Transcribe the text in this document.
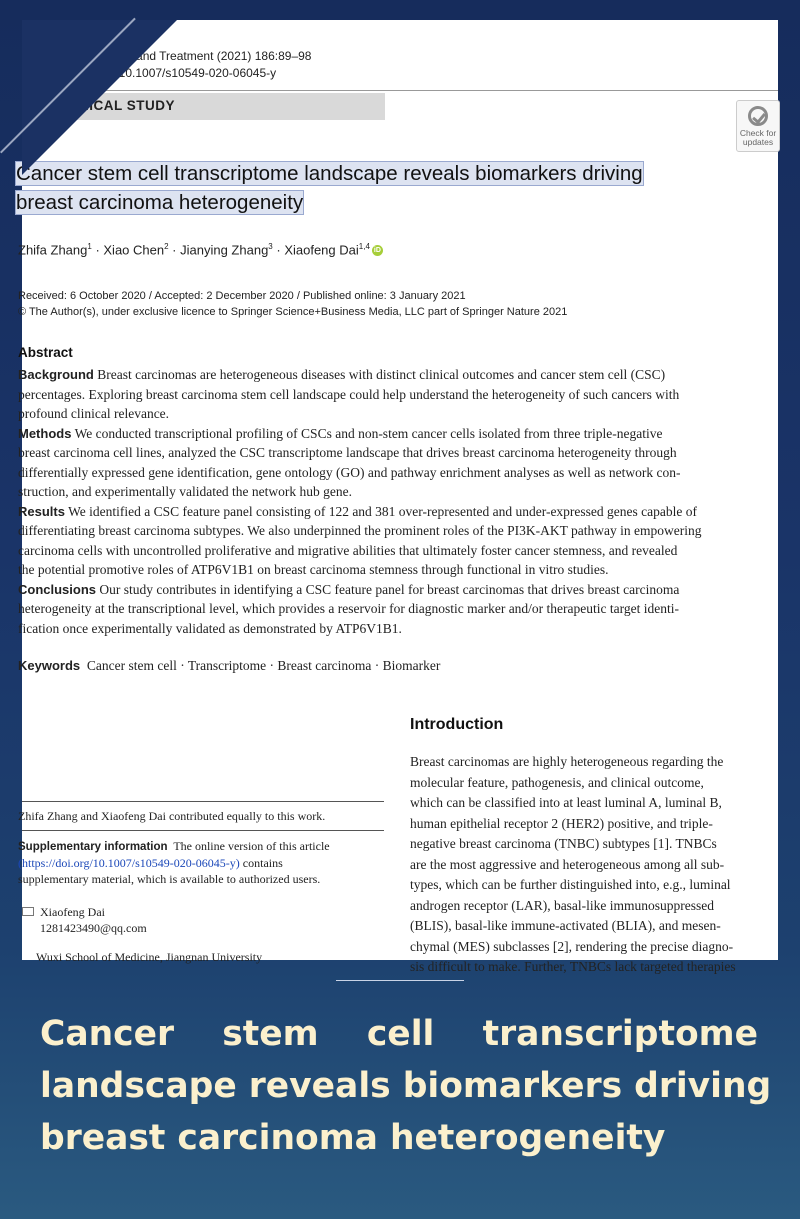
esearch and Treatment (2021) 186:89–98
org/10.1007/s10549-020-06045-y
RECLINICAL STUDY
Check for
updates
Cancer stem cell transcriptome landscape reveals biomarkers driving
breast carcinoma heterogeneity
Zhifa Zhang$^1$ · Xiao Chen$^2$ · Jianying Zhang$^3$ · Xiaofeng Dai$^{1,4}$ iD
Received: 6 October 2020 / Accepted: 2 December 2020 / Published online: 3 January 2021
© The Author(s), under exclusive licence to Springer Science+Business Media, LLC part of Springer Nature 2021
Abstract

Background Breast carcinomas are heterogeneous diseases with distinct clinical outcomes and cancer stem cell (CSC)

percentages. Exploring breast carcinoma stem cell landscape could help understand the heterogeneity of such cancers with

profound clinical relevance.

Methods We conducted transcriptional profiling of CSCs and non-stem cancer cells isolated from three triple-negative

breast carcinoma cell lines, analyzed the CSC transcriptome landscape that drives breast carcinoma heterogeneity through

differentially expressed gene identification, gene ontology (GO) and pathway enrichment analyses as well as network con-

struction, and experimentally validated the network hub gene.

Results We identified a CSC feature panel consisting of 122 and 381 over-represented and under-expressed genes capable of

differentiating breast carcinoma subtypes. We also underpinned the prominent roles of the PI3K-AKT pathway in empowering

carcinoma cells with uncontrolled proliferative and migrative abilities that ultimately foster cancer stemness, and revealed

the potential promotive roles of ATP6V1B1 on breast carcinoma stemness through functional in vitro studies.

Conclusions Our study contributes in identifying a CSC feature panel for breast carcinomas that drives breast carcinoma

heterogeneity at the transcriptional level, which provides a reservoir for diagnostic marker and/or therapeutic target identi-

fication once experimentally validated as demonstrated by ATP6V1B1.

Keywords  Cancer stem cell · Transcriptome · Breast carcinoma · Biomarker
Introduction

Breast carcinomas are highly heterogeneous regarding the

molecular feature, pathogenesis, and clinical outcome,

which can be classified into at least luminal A, luminal B,

human epithelial receptor 2 (HER2) positive, and triple-

negative breast carcinoma (TNBC) subtypes [1]. TNBCs

are the most aggressive and heterogeneous among all sub-

types, which can be further distinguished into, e.g., luminal

androgen receptor (LAR), basal-like immunosuppressed

(BLIS), basal-like immune-activated (BLIA), and mesen-

chymal (MES) subclasses [2], rendering the precise diagno-

sis difficult to make. Further, TNBCs lack targeted therapies

Zhifa Zhang and Xiaofeng Dai contributed equally to this work.
Supplementary information  The online version of this article
(https://doi.org/10.1007/s10549-020-06045-y) contains
supplementary material, which is available to authorized users.
Xiaofeng Dai
1281423490@qq.com
Wuxi School of Medicine, Jiangnan University
Cancer stem cell transcriptome
landscape reveals biomarkers driving
breast carcinoma heterogeneity
